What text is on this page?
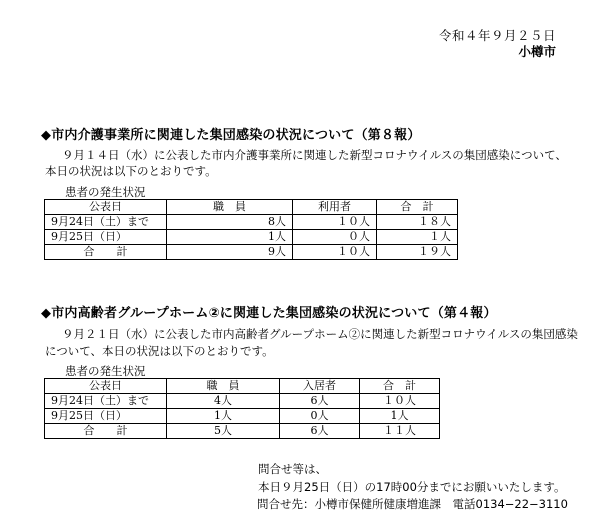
令和４年９月２５日
小樽市
◆市内介護事業所に関連した集団感染の状況について（第８報）
９月１４日（水）に公表した市内介護事業所に関連した新型コロナウイルスの集団感染について、
本日の状況は以下のとおりです。
患者の発生状況
公表日	職　員	利用者	合　計
9月24日（土）まで	8人	１０人	１８人
9月25日（日）	1人	０人	１人
合　　計	9人	１０人	１９人
◆市内高齢者グループホーム②に関連した集団感染の状況について（第４報）
９月２１日（水）に公表した市内高齢者グループホーム②に関連した新型コロナウイルスの集団感染
について、本日の状況は以下のとおりです。
患者の発生状況
公表日	職　員	入居者	合　計
9月24日（土）まで	4人	6人	１０人
9月25日（日）	1人	0人	1人
合　　計	5人	6人	１１人
問合せ等は、
本日９月25日（日）の17時00分までにお願いいたします。
問合せ先：小樽市保健所健康増進課　電話0134−22−3110
